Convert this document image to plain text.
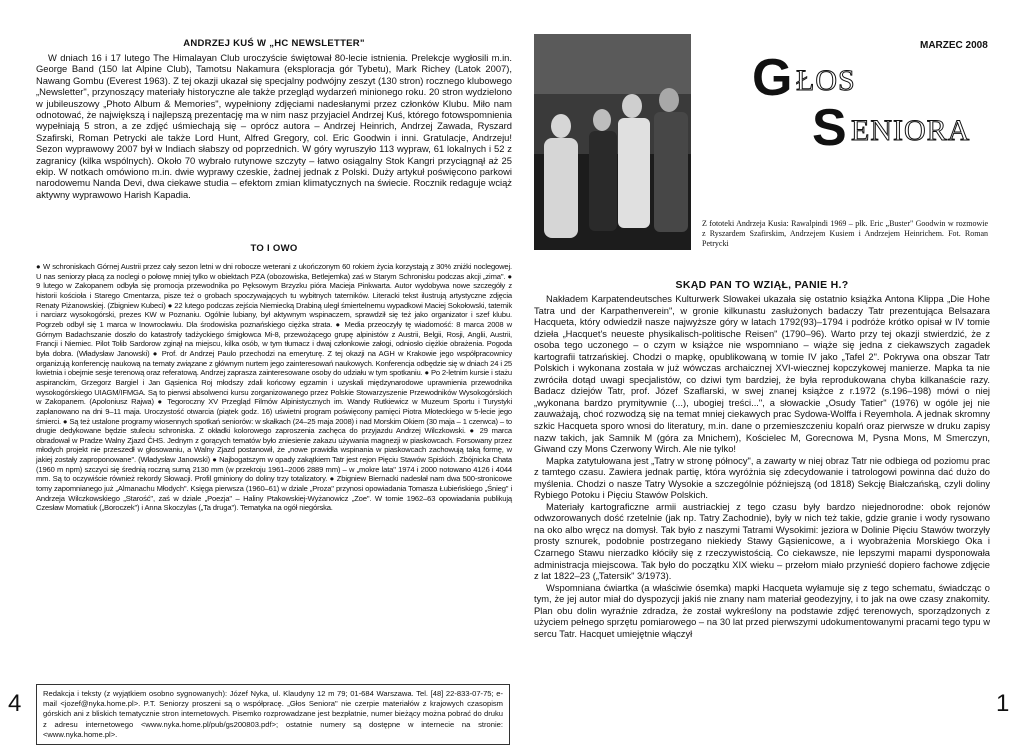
ANDRZEJ KUŚ W „HC NEWSLETTER"

W dniach 16 i 17 lutego The Himalayan Club uroczyście świętował 80-lecie istnienia. Prelekcje wygłosili m.in. George Band (150 lat Alpine Club), Tamotsu Nakamura (eksploracja gór Tybetu), Mark Richey (Latok 2007), Nawang Gombu (Everest 1963). Z tej okazji ukazał się specjalny podwójny zeszyt (130 stron) rocznego klubowego „Newsletter", przynoszący materiały historyczne ale także przegląd wydarzeń minionego roku. 20 stron wydzielono w jubileuszowy „Photo Album & Memories", wypełniony zdjęciami nadesłanymi przez członków Klubu. Miło nam odnotować, że największą i najlepszą prezentację ma w nim nasz przyjaciel Andrzej Kuś, którego fotowspomnienia wypełniają 5 stron, a ze zdjęć uśmiechają się – oprócz autora – Andrzej Heinrich, Andrzej Zawada, Ryszard Szafirski, Roman Petrycki ale także Lord Hunt, Alfred Gregory, col. Eric Goodwin i inni. Gratulacje, Andrzeju! Sezon wyprawowy 2007 był w Indiach słabszy od poprzednich. W góry wyruszyło 113 wypraw, 61 lokalnych i 52 z zagranicy (kilka wspólnych). Około 70 wybrało rutynowe szczyty – łatwo osiągalny Stok Kangri przyciągnął aż 25 ekip. W notkach omówiono m.in. dwie wyprawy czeskie, żadnej jednak z Polski. Duży artykuł poświęcono parkowi narodowemu Nanda Devi, dwa ciekawe studia – efektom zmian klimatycznych na świecie. Rocznik redaguje wciąż aktywny wyprawowo Harish Kapadia.

TO I OWO

● W schroniskach Górnej Austrii przez cały sezon letni w dni robocze weterani z ukończonym 60 rokiem życia korzystają z 30% zniżki noclegowej. U nas seniorzy płacą za noclegi o połowę mniej tylko w obiektach PZA (obozowiska, Betlejemka) zaś w Starym Schronisku podczas akcji „zima". ● 9 lutego w Zakopanem odbyła się promocja przewodnika po Pęksowym Brzyzku pióra Macieja Pinkwarta. Autor wydobywa nowe szczegóły z historii kościoła i Starego Cmentarza, pisze też o grobach spoczywających tu wybitnych taterników. Literacki tekst ilustrują artystyczne zdjęcia Renaty Piżanowskiej. (Zbigniew Kubeci) ● 22 lutego podczas zejścia Niemiecką Drabiną uległ śmiertelnemu wypadkowi Maciej Sokołowski, taternik i narciarz wysokogórski, prezes KW w Poznaniu. Ogólnie lubiany, był aktywnym wspinaczem, sprawdził się też jako organizator i szef klubu. Pogrzeb odbył się 1 marca w Inowrocławiu. Dla środowiska poznańskiego ciężka strata. ● Media przeoczyły tę wiadomość: 8 marca 2008 w Górnym Badachszanie doszło do katastrofy tadżyckiego śmigłowca Mi-8, przewożącego grupę alpinistów z Austrii, Belgii, Rosji, Anglii, Austrii, Francji i Niemiec. Pilot Tolib Sardorow zginął na miejscu, kilka osób, w tym tłumacz i dwaj członkowie załogi, odniosło ciężkie obrażenia. Pogoda była dobra. (Władysław Janowski) ● Prof. dr Andrzej Paulo przechodzi na emeryturę. Z tej okazji na AGH w Krakowie jego współpracownicy organizują konferencję naukową na tematy związane z głównym nurtem jego zainteresowań naukowych. Konferencja odbędzie się w dniach 24 i 25 kwietnia i obejmie sesje terenową oraz referatową. Andrzej zaprasza zainteresowane osoby do udziału w tym spotkaniu. ● Po 2-letnim kursie i stażu aspiranckim, Grzegorz Bargiel i Jan Gąsienica Roj młodszy zdali końcowy egzamin i uzyskali międzynarodowe uprawnienia przewodnika wysokogórskiego UIAGM/IFMGA. Są to pierwsi absolwenci kursu zorganizowanego przez Polskie Stowarzyszenie Przewodników Wysokogórskich w Zakopanem. (Apoloniusz Rajwa) ● Tegoroczny XV Przegląd Filmów Alpinistycznych im. Wandy Rutkiewicz w Muzeum Sportu i Turystyki zaplanowano na dni 9–11 maja. Uroczystość otwarcia (piątek godz. 16) uświetni program poświęcony pamięci Piotra Młoteckiego w 5-lecie jego śmierci. ● Są też ustalone programy wiosennych spotkań seniorów: w skałkach (24–25 maja 2008) i nad Morskim Okiem (30 maja – 1 czerwca) – to drugie dedykowane będzie stuleciu schroniska. Z okładki kolorowego zaproszenia zachęca do przyjazdu Andrzej Wilczkowski. ● 29 marca obradował w Pradze Walny Zjazd ČHS. Jednym z gorących tematów było zniesienie zakazu używania magnezji w piaskowcach. Forsowany przez młodych projekt nie przeszedł w głosowaniu, a Walny Zjazd postanowił, że „nowe prawidła wspinania w piaskowcach zachowują taką formę, w jakiej zostały zaproponowane". (Władysław Janowski) ● Najbogatszym w opady zakątkiem Tatr jest rejon Pięciu Stawów Spiskich. Zbójnicka Chata (1960 m npm) szczyci się średnią roczną sumą 2130 mm (w przekroju 1961–2006 2889 mm) – w „mokre lata" 1974 i 2000 notowano 4126 i 4044 mm. Są to oczywiście również rekordy Słowacji. Profil gminiony do doliny trzy totalizatory. ● Zbigniew Biernacki nadesłał nam dwa 500-stronicowe tomy zapomnianego już „Almanachu Młodych". Księga pierwsza (1960–61) w dziale „Proza" przynosi opowiadania Tomasza Łubieńskiego „Śnieg" i Andrzeja Wilczkowskiego „Starość", zaś w dziale „Poezja" – Haliny Ptakowskiej-Wyżanowicz „Zoe". W tomie 1962–63 opowiadania publikują Czesław Momatiuk („Boroczek") i Anna Skoczylas („Ta druga"). Tematyka na ogół niegórska.

Redakcja i teksty (z wyjątkiem osobno sygnowanych): Józef Nyka, ul. Klaudyny 12 m 79; 01-684 Warszawa. Tel. [48] 22-833-07-75; e-mail <jozef@nyka.home.pl>. P.T. Seniorzy proszeni są o współpracę. „Głos Seniora" nie czerpie materiałów z krajowych czasopism górskich ani z bliskich tematycznie stron internetowych. Pisemko rozprowadzane jest bezpłatnie, numer bieżący można pobrać do druku z adresu internetowego <www.nyka.home.pl/pub/gs200803.pdf>; ostatnie numery są dostępne w internecie na stronie: <www.nyka.home.pl>.
4
MARZEC 2008
G ŁOS
S ENIORA
Z fototeki Andrzeja Kusia: Rawalpindi 1969 – płk. Eric „Buster" Goodwin w rozmowie z Ryszardem Szafirskim, Andrzejem Kusiem i Andrzejem Heinrichem. Fot. Roman Petrycki
SKĄD PAN TO WZIĄŁ, PANIE H.?

Nakładem Karpatendeutsches Kulturwerk Slowakei ukazała się ostatnio książka Antona Klippa „Die Hohe Tatra und der Karpathenverein", w gronie kilkunastu zasłużonych badaczy Tatr prezentująca Belsazara Hacqueta, który odwiedził nasze najwyższe góry w latach 1792(93)–1794 i podróże krótko opisał w IV tomie dzieła „Hacquet's neueste physikalisch-politische Reisen" (1790–96). Warto przy tej okazji stwierdzić, że z osoba tego uczonego – o czym w książce nie wspomniano – wiąże się jedna z ciekawszych zagadek kartografii tatrzańskiej. Chodzi o mapkę, opublikowaną w tomie IV jako „Tafel 2". Pokrywa ona obszar Tatr Polskich i wykonana została w już wówczas archaicznej XVI-wiecznej kopczykowej manierze. Mapka ta nie zwróciła dotąd uwagi specjalistów, co dziwi tym bardziej, że była reprodukowana chyba kilkanaście razy. Badacz dziejów Tatr, prof. Józef Szaflarski, w swej znanej książce z r.1972 (s.196–198) mówi o niej „wykonana bardzo prymitywnie (...), ubogiej treści...", a słowackie „Osudy Tatier" (1976) w ogóle jej nie zauważają, choć rozwodzą się na temat mniej ciekawych prac Sydowa-Wolffa i Reyemhola. A jednak skromny szkic Hacqueta sporo wnosi do literatury, m.in. dane o przemieszczeniu kopalń oraz pierwsze w druku zapisy nazw takich, jak Samnik M (góra za Mnichem), Kościelec M, Gorecnowa M, Pysna Mons, M Smerczyn, Giwand czy Mons Czerwony Wirch. Ale nie tylko!

Mapka zatytułowana jest „Tatry w stronę północy", a zawarty w niej obraz Tatr nie odbiega od poziomu prac z tamtego czasu. Zawiera jednak partię, która wyróżnia się zdecydowanie i tatrologowi powinna dać dużo do myślenia. Chodzi o nasze Tatry Wysokie a szczególnie późniejszą (od 1818) Sekcję Białczańską, czyli doliny Rybiego Potoku i Pięciu Stawów Polskich.

Materiały kartograficzne armii austriackiej z tego czasu były bardzo niejednorodne: obok rejonów odwzorowanych dość rzetelnie (jak np. Tatry Zachodnie), były w nich też takie, gdzie granie i wody rysowano na oko albo wręcz na domysł. Tak było z naszymi Tatrami Wysokimi: jeziora w Dolinie Pięciu Stawów tworzyły prosty sznurek, podobnie postrzegano niekiedy Stawy Gąsienicowe, a i wyobrażenia Morskiego Oka i Czarnego Stawu nierzadko kłóciły się z rzeczywistością. Co ciekawsze, nie lepszymi mapami dysponowała administracja miejscowa. Tak było do początku XIX wieku – przełom miało przynieść dopiero fachowe zdjęcie z lat 1822–23 („Tatersik" 3/1973).

Wspomniana ćwiartka (a właściwie ósemka) mapki Hacqueta wyłamuje się z tego schematu, świadcząc o tym, że jej autor miał do dyspozycji jakiś nie znany nam materiał geodezyjny, i to jak na owe czasy znakomity. Plan obu dolin wyraźnie zdradza, że został wykreślony na podstawie zdjęć terenowych, sporządzonych z użyciem pełnego sprzętu pomiarowego – na 30 lat przed pierwszymi udokumentowanymi pracami tego typu w sercu Tatr. Hacquet umiejętnie włączył

1
